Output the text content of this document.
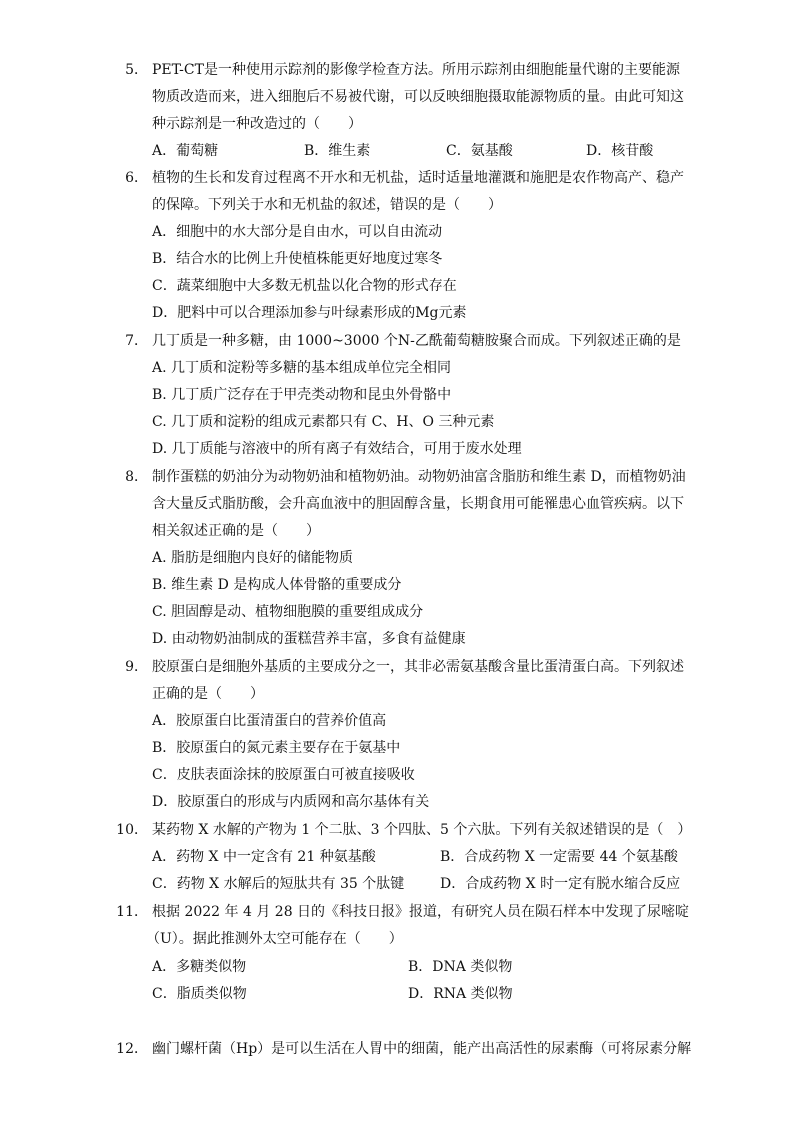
5． PET-CT是一种使用示踪剂的影像学检查方法。所用示踪剂由细胞能量代谢的主要能源
物质改造而来，进入细胞后不易被代谢，可以反映细胞摄取能源物质的量。由此可知这
种示踪剂是一种改造过的（　　）
A．葡萄糖	B．维生素	C．氨基酸	D．核苷酸
6． 植物的生长和发育过程离不开水和无机盐，适时适量地灌溉和施肥是农作物高产、稳产
的保障。下列关于水和无机盐的叙述，错误的是（　　）
A．细胞中的水大部分是自由水，可以自由流动
B．结合水的比例上升使植株能更好地度过寒冬
C．蔬菜细胞中大多数无机盐以化合物的形式存在
D．肥料中可以合理添加参与叶绿素形成的Mg元素
7． 几丁质是一种多糖，由 1000~3000 个N-乙酰葡萄糖胺聚合而成。下列叙述正确的是
A. 几丁质和淀粉等多糖的基本组成单位完全相同
B. 几丁质广泛存在于甲壳类动物和昆虫外骨骼中
C. 几丁质和淀粉的组成元素都只有 C、H、O 三种元素
D. 几丁质能与溶液中的所有离子有效结合，可用于废水处理
8． 制作蛋糕的奶油分为动物奶油和植物奶油。动物奶油富含脂肪和维生素 D，而植物奶油
含大量反式脂肪酸，会升高血液中的胆固醇含量，长期食用可能罹患心血管疾病。以下
相关叙述正确的是（　　）
A. 脂肪是细胞内良好的储能物质
B. 维生素 D 是构成人体骨骼的重要成分
C. 胆固醇是动、植物细胞膜的重要组成成分
D. 由动物奶油制成的蛋糕营养丰富，多食有益健康
9． 胶原蛋白是细胞外基质的主要成分之一，其非必需氨基酸含量比蛋清蛋白高。下列叙述
正确的是（　　）
A．胶原蛋白比蛋清蛋白的营养价值高
B．胶原蛋白的氮元素主要存在于氨基中
C．皮肤表面涂抹的胶原蛋白可被直接吸收
D．胶原蛋白的形成与内质网和高尔基体有关
10． 某药物 X 水解的产物为 1 个二肽、3 个四肽、5 个六肽。下列有关叙述错误的是（　）
A．药物 X 中一定含有 21 种氨基酸	B．合成药物 X 一定需要 44 个氨基酸
C．药物 X 水解后的短肽共有 35 个肽键	D．合成药物 X 时一定有脱水缩合反应
11． 根据 2022 年 4 月 28 日的《科技日报》报道，有研究人员在陨石样本中发现了尿嘧啶
（U）。据此推测外太空可能存在（　　）
A．多糖类似物	B．DNA 类似物
C．脂质类似物	D．RNA 类似物
12． 幽门螺杆菌（Hp）是可以生活在人胃中的细菌，能产出高活性的尿素酶（可将尿素分解
